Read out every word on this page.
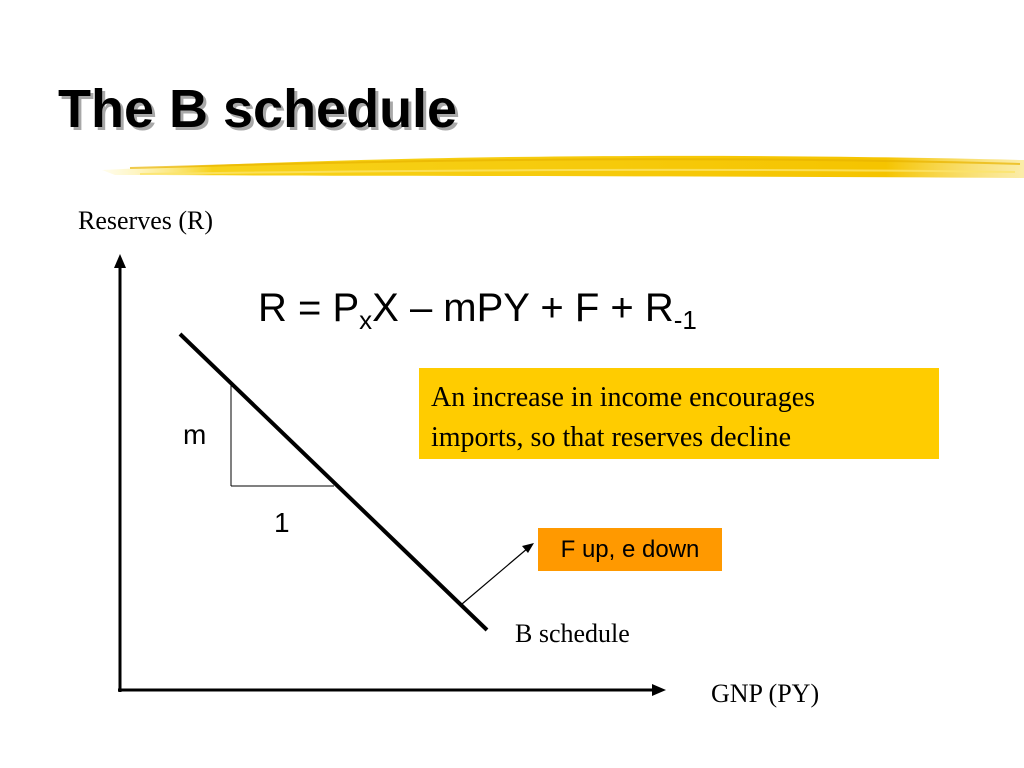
The B schedule
Reserves (R)
GNP (PY)
B schedule
m
1
$R = P_xX$ – mPY + $F + R_{-1}$
An increase in income encourages
imports, so that reserves decline
F up, e down
